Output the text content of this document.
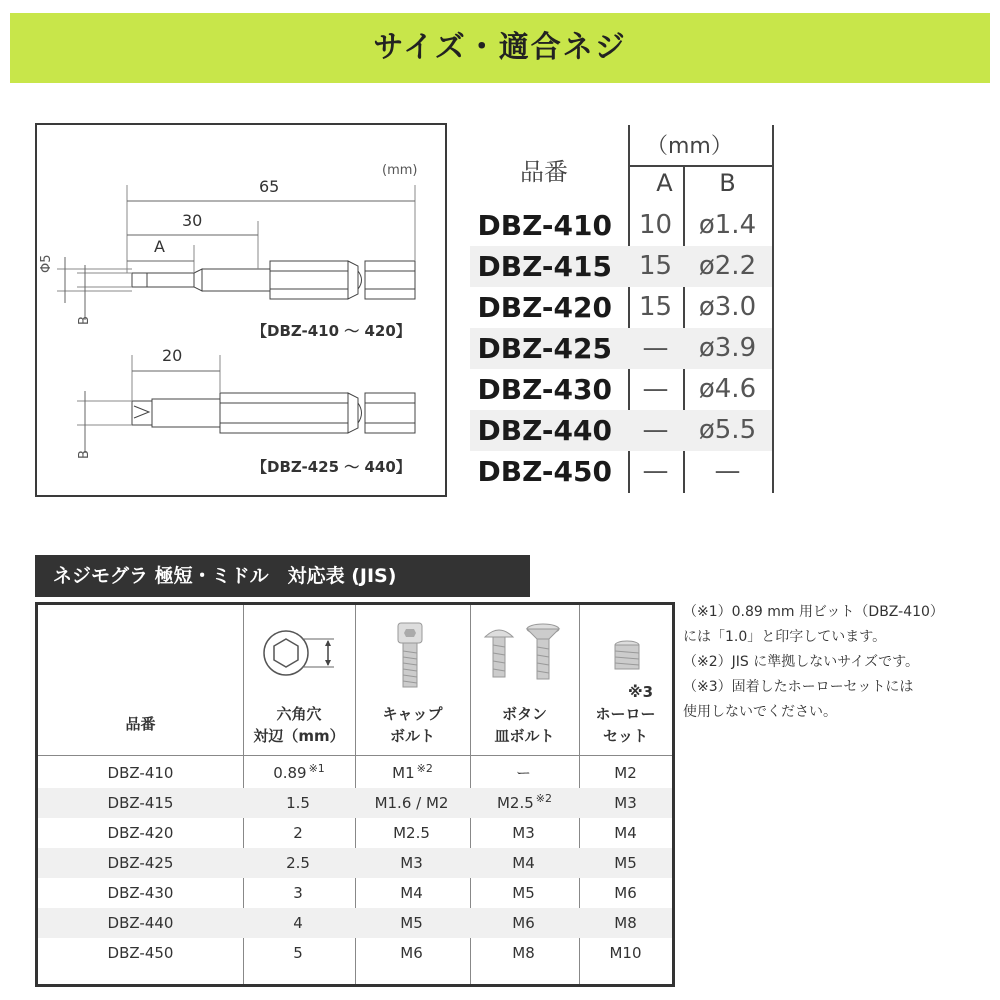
サイズ・適合ネジ
(mm)
65
30
A
Φ5
B
【DBZ-410 ～ 420】
20
B
【DBZ-425 ～ 440】
品番
（mm）
A	B
DBZ-410	10	ø1.4
DBZ-415	15	ø2.2
DBZ-420	15	ø3.0
DBZ-425	—	ø3.9
DBZ-430	—	ø4.6
DBZ-440	—	ø5.5
DBZ-450	—	—
ネジモグラ 極短・ミドル　対応表 (JIS)
品番
六角穴
対辺（mm）
キャップ
ボルト
ボタン
皿ボルト
※3
ホーロー
セット
DBZ-410	0.89 $^{※1}$	M1 $^{※2}$	ー	M2
DBZ-415	1.5	M1.6 / M2	M2.5 $^{※2}$	M3
DBZ-420	2	M2.5	M3	M4
DBZ-425	2.5	M3	M4	M5
DBZ-430	3	M4	M5	M6
DBZ-440	4	M5	M6	M8
DBZ-450	5	M6	M8	M10
（※1）0.89 mm 用ビット（DBZ-410）
には「1.0」と印字しています。
（※2）JIS に準拠しないサイズです。
（※3）固着したホーローセットには
使用しないでください。
